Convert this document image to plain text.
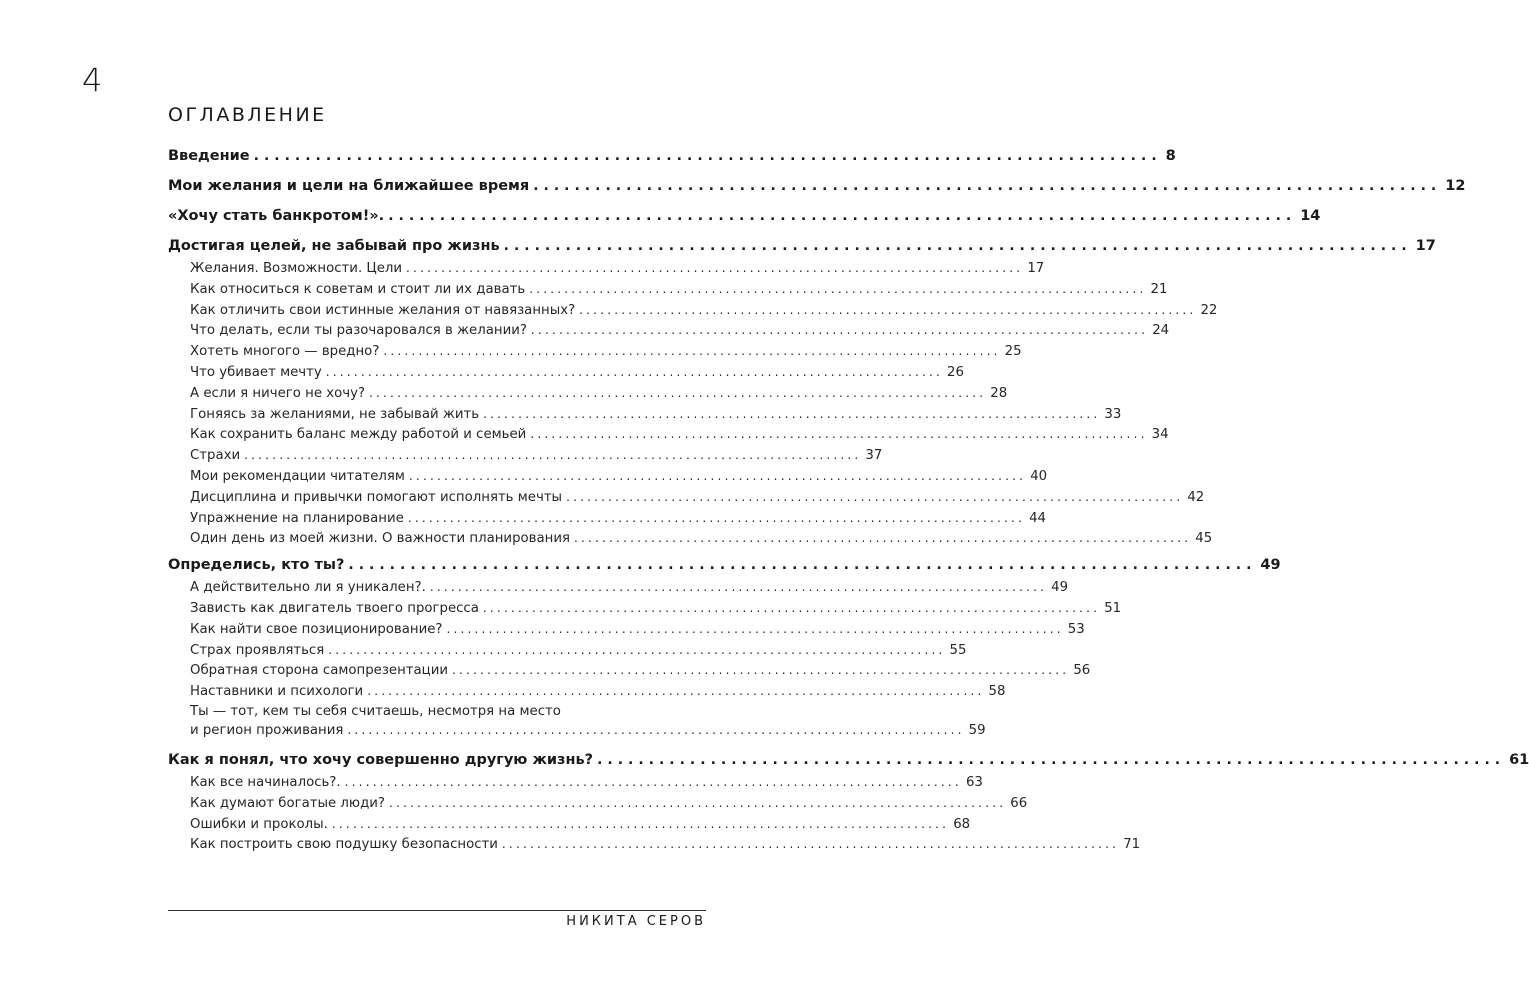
4
ОГЛАВЛЕНИЕ
Введение ........................................................................................ 8
Мои желания и цели на ближайшее время ........................................................................................ 12
«Хочу стать банкротом!». ........................................................................................ 14
Достигая целей, не забывай про жизнь ........................................................................................ 17
Желания. Возможности. Цели ........................................................................................ 17
Как относиться к советам и стоит ли их давать ........................................................................................ 21
Как отличить свои истинные желания от навязанных? ........................................................................................ 22
Что делать, если ты разочаровался в желании? ........................................................................................ 24
Хотеть многого — вредно? ........................................................................................ 25
Что убивает мечту ........................................................................................ 26
А если я ничего не хочу? ........................................................................................ 28
Гоняясь за желаниями, не забывай жить ........................................................................................ 33
Как сохранить баланс между работой и семьей ........................................................................................ 34
Страхи ........................................................................................ 37
Мои рекомендации читателям ........................................................................................ 40
Дисциплина и привычки помогают исполнять мечты ........................................................................................ 42
Упражнение на планирование ........................................................................................ 44
Один день из моей жизни. О важности планирования ........................................................................................ 45
Определись, кто ты? ........................................................................................ 49
А действительно ли я уникален?. ........................................................................................ 49
Зависть как двигатель твоего прогресса ........................................................................................ 51
Как найти свое позиционирование? ........................................................................................ 53
Страх проявляться ........................................................................................ 55
Обратная сторона самопрезентации ........................................................................................ 56
Наставники и психологи ........................................................................................ 58
Ты — тот, кем ты себя считаешь, несмотря на место
и регион проживания ........................................................................................ 59
Как я понял, что хочу совершенно другую жизнь? ........................................................................................ 61
Как все начиналось?. ........................................................................................ 63
Как думают богатые люди? ........................................................................................ 66
Ошибки и проколы. ........................................................................................ 68
Как построить свою подушку безопасности ........................................................................................ 71
НИКИТА СЕРОВ
